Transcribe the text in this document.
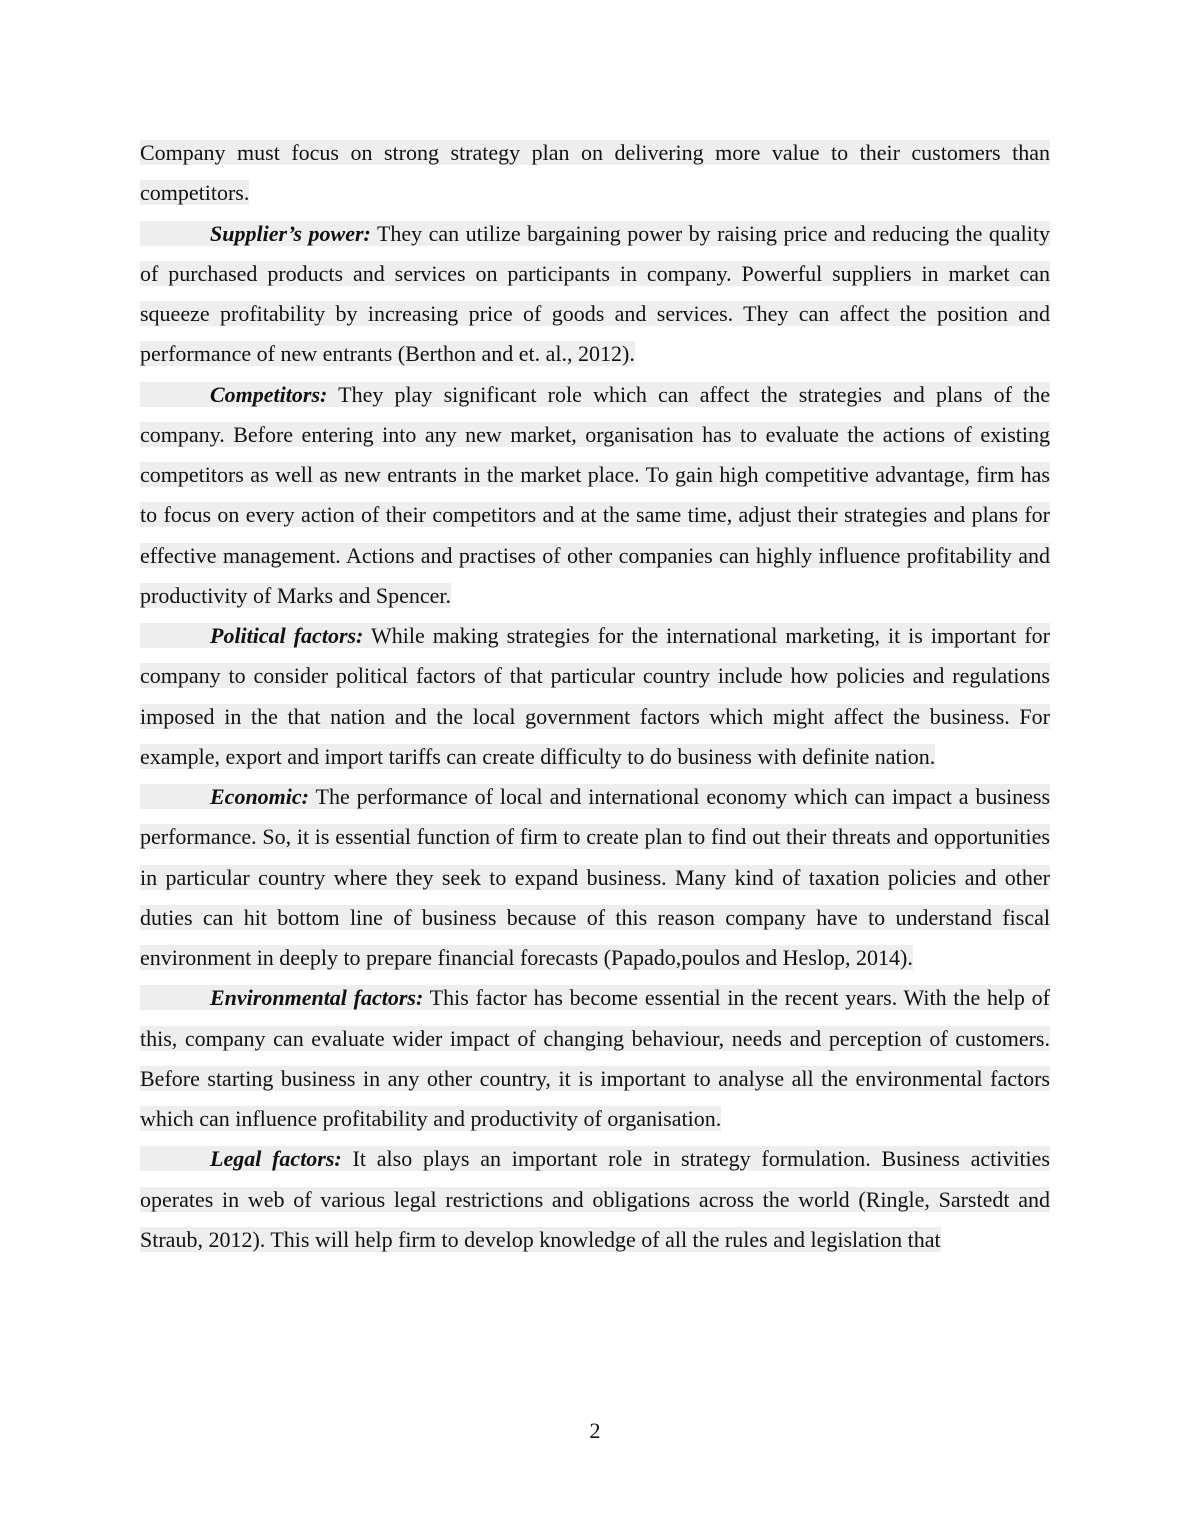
Company must focus on strong strategy plan on delivering more value to their customers than competitors.

Supplier’s power: They can utilize bargaining power by raising price and reducing the quality of purchased products and services on participants in company. Powerful suppliers in market can squeeze profitability by increasing price of goods and services. They can affect the position and performance of new entrants (Berthon and et. al., 2012).

Competitors: They play significant role which can affect the strategies and plans of the company. Before entering into any new market, organisation has to evaluate the actions of existing competitors as well as new entrants in the market place. To gain high competitive advantage, firm has to focus on every action of their competitors and at the same time, adjust their strategies and plans for effective management. Actions and practises of other companies can highly influence profitability and productivity of Marks and Spencer.

Political factors: While making strategies for the international marketing, it is important for company to consider political factors of that particular country include how policies and regulations imposed in the that nation and the local government factors which might affect the business. For example, export and import tariffs can create difficulty to do business with definite nation.

Economic: The performance of local and international economy which can impact a business performance. So, it is essential function of firm to create plan to find out their threats and opportunities in particular country where they seek to expand business. Many kind of taxation policies and other duties can hit bottom line of business because of this reason company have to understand fiscal environment in deeply to prepare financial forecasts (Papado,poulos and Heslop, 2014).

Environmental factors: This factor has become essential in the recent years. With the help of this, company can evaluate wider impact of changing behaviour, needs and perception of customers. Before starting business in any other country, it is important to analyse all the environmental factors which can influence profitability and productivity of organisation.

Legal factors: It also plays an important role in strategy formulation. Business activities operates in web of various legal restrictions and obligations across the world (Ringle, Sarstedt and Straub, 2012). This will help firm to develop knowledge of all the rules and legislation that

2
